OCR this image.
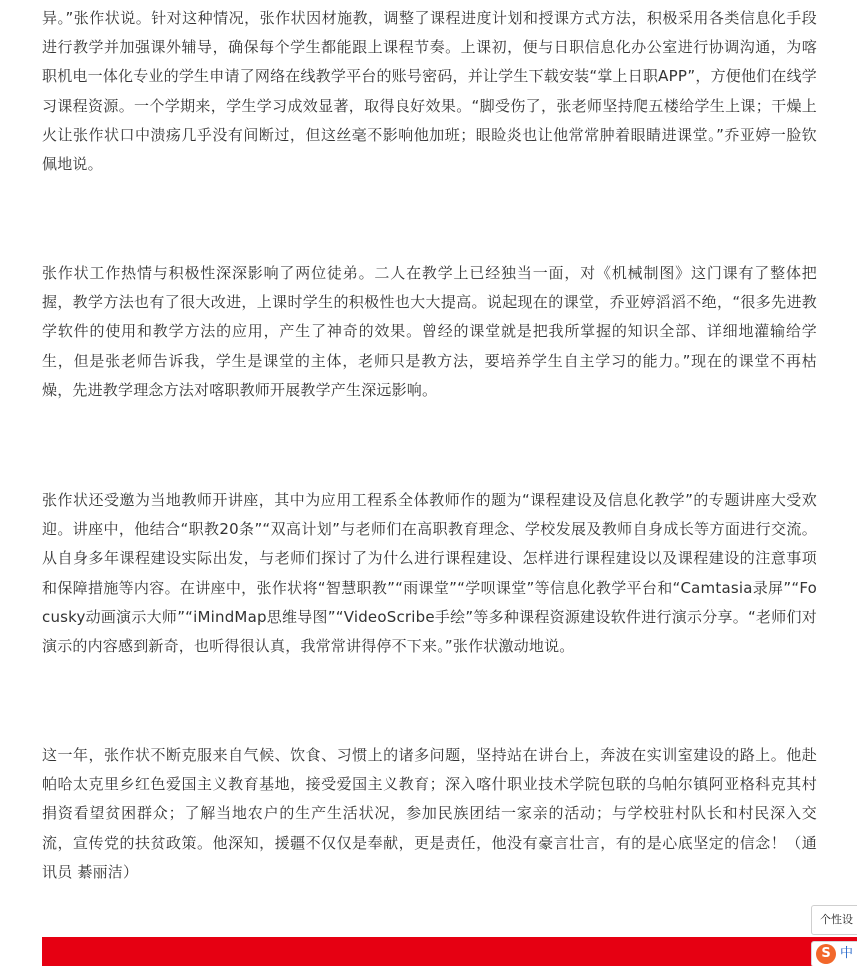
异。”张作状说。针对这种情况，张作状因材施教，调整了课程进度计划和授课方式方法，积极采用各类信息化手段进行教学并加强课外辅导，确保每个学生都能跟上课程节奏。上课初，便与日职信息化办公室进行协调沟通，为喀职机电一体化专业的学生申请了网络在线教学平台的账号密码，并让学生下载安装“掌上日职APP”，方便他们在线学习课程资源。一个学期来，学生学习成效显著，取得良好效果。“脚受伤了，张老师坚持爬五楼给学生上课；干燥上火让张作状口中溃疡几乎没有间断过，但这丝毫不影响他加班；眼睑炎也让他常常肿着眼睛进课堂。”乔亚婷一脸钦佩地说。

张作状工作热情与积极性深深影响了两位徒弟。二人在教学上已经独当一面，对《机械制图》这门课有了整体把握，教学方法也有了很大改进，上课时学生的积极性也大大提高。说起现在的课堂，乔亚婷滔滔不绝，“很多先进教学软件的使用和教学方法的应用，产生了神奇的效果。曾经的课堂就是把我所掌握的知识全部、详细地灌输给学生，但是张老师告诉我，学生是课堂的主体，老师只是教方法，要培养学生自主学习的能力。”现在的课堂不再枯燥，先进教学理念方法对喀职教师开展教学产生深远影响。

张作状还受邀为当地教师开讲座，其中为应用工程系全体教师作的题为“课程建设及信息化教学”的专题讲座大受欢迎。讲座中，他结合“职教20条”“双高计划”与老师们在高职教育理念、学校发展及教师自身成长等方面进行交流。从自身多年课程建设实际出发，与老师们探讨了为什么进行课程建设、怎样进行课程建设以及课程建设的注意事项和保障措施等内容。在讲座中，张作状将“智慧职教”“雨课堂”“学呗课堂”等信息化教学平台和“Camtasia录屏”“Focusky动画演示大师”“iMindMap思维导图”“VideoScribe手绘”等多种课程资源建设软件进行演示分享。“老师们对演示的内容感到新奇，也听得很认真，我常常讲得停不下来。”张作状激动地说。

这一年，张作状不断克服来自气候、饮食、习惯上的诸多问题，坚持站在讲台上，奔波在实训室建设的路上。他赴帕哈太克里乡红色爱国主义教育基地，接受爱国主义教育；深入喀什职业技术学院包联的乌帕尔镇阿亚格科克其村捐资看望贫困群众；了解当地农户的生产生活状况，参加民族团结一家亲的活动；与学校驻村队长和村民深入交流，宣传党的扶贫政策。他深知，援疆不仅仅是奉献，更是责任，他没有豪言壮言，有的是心底坚定的信念！（通讯员 綦丽洁）

个性设
S 中
